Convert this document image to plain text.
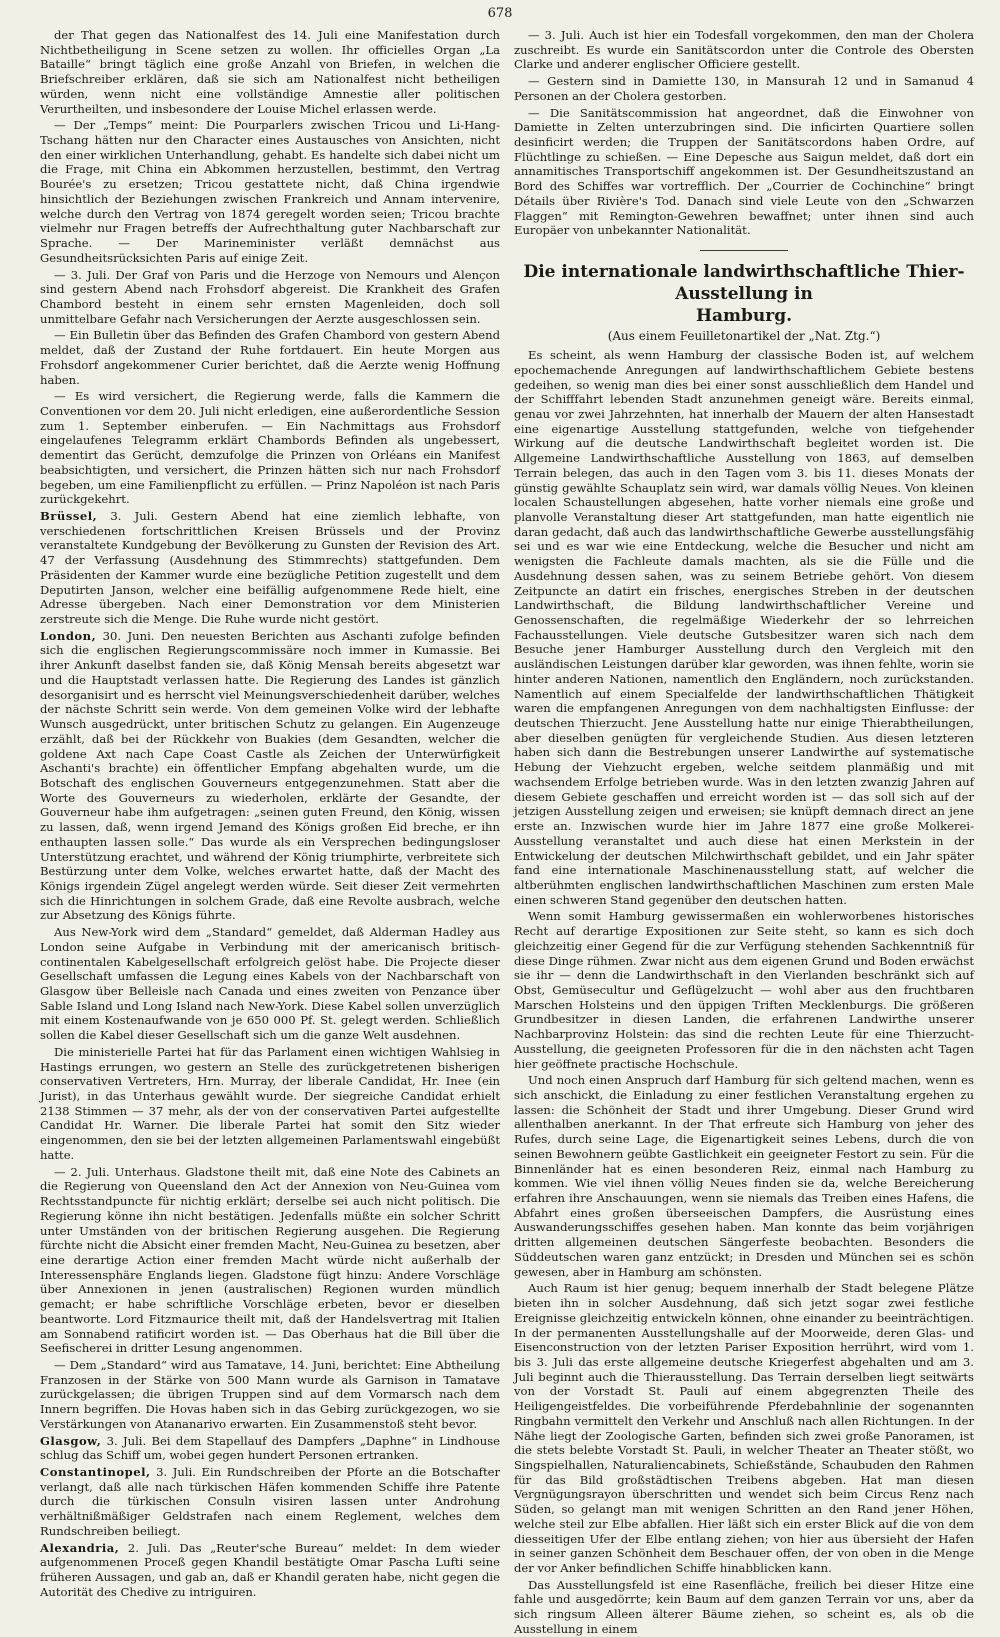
678

der That gegen das Nationalfest des 14. Juli eine Manifestation durch Nichtbetheiligung in Scene setzen zu wollen. Ihr officielles Organ „La Bataille“ bringt täglich eine große Anzahl von Briefen, in welchen die Briefschreiber erklären, daß sie sich am Nationalfest nicht betheiligen würden, wenn nicht eine vollständige Amnestie aller politischen Verurtheilten, und insbesondere der Louise Michel erlassen werde.

— Der „Temps“ meint: Die Pourparlers zwischen Tricou und Li-Hang-Tschang hätten nur den Character eines Austausches von Ansichten, nicht den einer wirklichen Unterhandlung, gehabt. Es handelte sich dabei nicht um die Frage, mit China ein Abkommen herzustellen, bestimmt, den Vertrag Bourée's zu ersetzen; Tricou gestattete nicht, daß China irgendwie hinsichtlich der Beziehungen zwischen Frankreich und Annam intervenire, welche durch den Vertrag von 1874 geregelt worden seien; Tricou brachte vielmehr nur Fragen betreffs der Aufrechthaltung guter Nachbarschaft zur Sprache. — Der Marineminister verläßt demnächst aus Gesundheitsrücksichten Paris auf einige Zeit.

— 3. Juli. Der Graf von Paris und die Herzoge von Nemours und Alençon sind gestern Abend nach Frohsdorf abgereist. Die Krankheit des Grafen Chambord besteht in einem sehr ernsten Magenleiden, doch soll unmittelbare Gefahr nach Versicherungen der Aerzte ausgeschlossen sein.

— Ein Bulletin über das Befinden des Grafen Chambord von gestern Abend meldet, daß der Zustand der Ruhe fortdauert. Ein heute Morgen aus Frohsdorf angekommener Curier berichtet, daß die Aerzte wenig Hoffnung haben.

— Es wird versichert, die Regierung werde, falls die Kammern die Conventionen vor dem 20. Juli nicht erledigen, eine außerordentliche Session zum 1. September einberufen. — Ein Nachmittags aus Frohsdorf eingelaufenes Telegramm erklärt Chambords Befinden als ungebessert, dementirt das Gerücht, demzufolge die Prinzen von Orléans ein Manifest beabsichtigten, und versichert, die Prinzen hätten sich nur nach Frohsdorf begeben, um eine Familienpflicht zu erfüllen. — Prinz Napoléon ist nach Paris zurückgekehrt.

Brüssel, 3. Juli. Gestern Abend hat eine ziemlich lebhafte, von verschiedenen fortschrittlichen Kreisen Brüssels und der Provinz veranstaltete Kundgebung der Bevölkerung zu Gunsten der Revision des Art. 47 der Verfassung (Ausdehnung des Stimmrechts) stattgefunden. Dem Präsidenten der Kammer wurde eine bezügliche Petition zugestellt und dem Deputirten Janson, welcher eine beifällig aufgenommene Rede hielt, eine Adresse übergeben. Nach einer Demonstration vor dem Ministerien zerstreute sich die Menge. Die Ruhe wurde nicht gestört.

London, 30. Juni. Den neuesten Berichten aus Aschanti zufolge befinden sich die englischen Regierungscommissäre noch immer in Kumassie. Bei ihrer Ankunft daselbst fanden sie, daß König Mensah bereits abgesetzt war und die Hauptstadt verlassen hatte. Die Regierung des Landes ist gänzlich desorganisirt und es herrscht viel Meinungsverschiedenheit darüber, welches der nächste Schritt sein werde. Von dem gemeinen Volke wird der lebhafte Wunsch ausgedrückt, unter britischen Schutz zu gelangen. Ein Augenzeuge erzählt, daß bei der Rückkehr von Buakies (dem Gesandten, welcher die goldene Axt nach Cape Coast Castle als Zeichen der Unterwürfigkeit Aschanti's brachte) ein öffentlicher Empfang abgehalten wurde, um die Botschaft des englischen Gouverneurs entgegenzunehmen. Statt aber die Worte des Gouverneurs zu wiederholen, erklärte der Gesandte, der Gouverneur habe ihm aufgetragen: „seinen guten Freund, den König, wissen zu lassen, daß, wenn irgend Jemand des Königs großen Eid breche, er ihn enthaupten lassen solle.“ Das wurde als ein Versprechen bedingungsloser Unterstützung erachtet, und während der König triumphirte, verbreitete sich Bestürzung unter dem Volke, welches erwartet hatte, daß der Macht des Königs irgendein Zügel angelegt werden würde. Seit dieser Zeit vermehrten sich die Hinrichtungen in solchem Grade, daß eine Revolte ausbrach, welche zur Absetzung des Königs führte.

Aus New-York wird dem „Standard“ gemeldet, daß Alderman Hadley aus London seine Aufgabe in Verbindung mit der americanisch britisch-continentalen Kabelgesellschaft erfolgreich gelöst habe. Die Projecte dieser Gesellschaft umfassen die Legung eines Kabels von der Nachbarschaft von Glasgow über Belleisle nach Canada und eines zweiten von Penzance über Sable Island und Long Island nach New-York. Diese Kabel sollen unverzüglich mit einem Kostenaufwande von je 650 000 Pf. St. gelegt werden. Schließlich sollen die Kabel dieser Gesellschaft sich um die ganze Welt ausdehnen.

Die ministerielle Partei hat für das Parlament einen wichtigen Wahlsieg in Hastings errungen, wo gestern an Stelle des zurückgetretenen bisherigen conservativen Vertreters, Hrn. Murray, der liberale Candidat, Hr. Inee (ein Jurist), in das Unterhaus gewählt wurde. Der siegreiche Candidat erhielt 2138 Stimmen — 37 mehr, als der von der conservativen Partei aufgestellte Candidat Hr. Warner. Die liberale Partei hat somit den Sitz wieder eingenommen, den sie bei der letzten allgemeinen Parlamentswahl eingebüßt hatte.

— 2. Juli. Unterhaus. Gladstone theilt mit, daß eine Note des Cabinets an die Regierung von Queensland den Act der Annexion von Neu-Guinea vom Rechtsstandpuncte für nichtig erklärt; derselbe sei auch nicht politisch. Die Regierung könne ihn nicht bestätigen. Jedenfalls müßte ein solcher Schritt unter Umständen von der britischen Regierung ausgehen. Die Regierung fürchte nicht die Absicht einer fremden Macht, Neu-Guinea zu besetzen, aber eine derartige Action einer fremden Macht würde nicht außerhalb der Interessensphäre Englands liegen. Gladstone fügt hinzu: Andere Vorschläge über Annexionen in jenen (australischen) Regionen wurden mündlich gemacht; er habe schriftliche Vorschläge erbeten, bevor er dieselben beantworte. Lord Fitzmaurice theilt mit, daß der Handelsvertrag mit Italien am Sonnabend ratificirt worden ist. — Das Oberhaus hat die Bill über die Seefischerei in dritter Lesung angenommen.

— Dem „Standard“ wird aus Tamatave, 14. Juni, berichtet: Eine Abtheilung Franzosen in der Stärke von 500 Mann wurde als Garnison in Tamatave zurückgelassen; die übrigen Truppen sind auf dem Vormarsch nach dem Innern begriffen. Die Hovas haben sich in das Gebirg zurückgezogen, wo sie Verstärkungen von Atananarivo erwarten. Ein Zusammenstoß steht bevor.

Glasgow, 3. Juli. Bei dem Stapellauf des Dampfers „Daphne“ in Lindhouse schlug das Schiff um, wobei gegen hundert Personen ertranken.

Constantinopel, 3. Juli. Ein Rundschreiben der Pforte an die Botschafter verlangt, daß alle nach türkischen Häfen kommenden Schiffe ihre Patente durch die türkischen Consuln visiren lassen unter Androhung verhältnißmäßiger Geldstrafen nach einem Reglement, welches dem Rundschreiben beiliegt.

Alexandria, 2. Juli. Das „Reuter'sche Bureau“ meldet: In dem wieder aufgenommenen Proceß gegen Khandil bestätigte Omar Pascha Lufti seine früheren Aussagen, und gab an, daß er Khandil geraten habe, nicht gegen die Autorität des Chedive zu intriguiren.

— 3. Juli. Auch ist hier ein Todesfall vorgekommen, den man der Cholera zuschreibt. Es wurde ein Sanitätscordon unter die Controle des Obersten Clarke und anderer englischer Officiere gestellt.

— Gestern sind in Damiette 130, in Mansurah 12 und in Samanud 4 Personen an der Cholera gestorben.

— Die Sanitätscommission hat angeordnet, daß die Einwohner von Damiette in Zelten unterzubringen sind. Die inficirten Quartiere sollen desinficirt werden; die Truppen der Sanitätscordons haben Ordre, auf Flüchtlinge zu schießen. — Eine Depesche aus Saigun meldet, daß dort ein annamitisches Transportschiff angekommen ist. Der Gesundheitszustand an Bord des Schiffes war vortrefflich. Der „Courrier de Cochinchine“ bringt Détails über Rivière's Tod. Danach sind viele Leute von den „Schwarzen Flaggen“ mit Remington-Gewehren bewaffnet; unter ihnen sind auch Europäer von unbekannter Nationalität.

Die internationale landwirthschaftliche Thier-Ausstellung in
Hamburg.
(Aus einem Feuilletonartikel der „Nat. Ztg.“)

Es scheint, als wenn Hamburg der classische Boden ist, auf welchem epochemachende Anregungen auf landwirthschaftlichem Gebiete bestens gedeihen, so wenig man dies bei einer sonst ausschließlich dem Handel und der Schifffahrt lebenden Stadt anzunehmen geneigt wäre. Bereits einmal, genau vor zwei Jahrzehnten, hat innerhalb der Mauern der alten Hansestadt eine eigenartige Ausstellung stattgefunden, welche von tiefgehender Wirkung auf die deutsche Landwirthschaft begleitet worden ist. Die Allgemeine Landwirthschaftliche Ausstellung von 1863, auf demselben Terrain belegen, das auch in den Tagen vom 3. bis 11. dieses Monats der günstig gewählte Schauplatz sein wird, war damals völlig Neues. Von kleinen localen Schaustellungen abgesehen, hatte vorher niemals eine große und planvolle Veranstaltung dieser Art stattgefunden, man hatte eigentlich nie daran gedacht, daß auch das landwirthschaftliche Gewerbe ausstellungsfähig sei und es war wie eine Entdeckung, welche die Besucher und nicht am wenigsten die Fachleute damals machten, als sie die Fülle und die Ausdehnung dessen sahen, was zu seinem Betriebe gehört. Von diesem Zeitpuncte an datirt ein frisches, energisches Streben in der deutschen Landwirthschaft, die Bildung landwirthschaftlicher Vereine und Genossenschaften, die regelmäßige Wiederkehr der so lehrreichen Fachausstellungen. Viele deutsche Gutsbesitzer waren sich nach dem Besuche jener Hamburger Ausstellung durch den Vergleich mit den ausländischen Leistungen darüber klar geworden, was ihnen fehlte, worin sie hinter anderen Nationen, namentlich den Engländern, noch zurückstanden. Namentlich auf einem Specialfelde der landwirthschaftlichen Thätigkeit waren die empfangenen Anregungen von dem nachhaltigsten Einflusse: der deutschen Thierzucht. Jene Ausstellung hatte nur einige Thierabtheilungen, aber dieselben genügten für vergleichende Studien. Aus diesen letzteren haben sich dann die Bestrebungen unserer Landwirthe auf systematische Hebung der Viehzucht ergeben, welche seitdem planmäßig und mit wachsendem Erfolge betrieben wurde. Was in den letzten zwanzig Jahren auf diesem Gebiete geschaffen und erreicht worden ist — das soll sich auf der jetzigen Ausstellung zeigen und erweisen; sie knüpft demnach direct an jene erste an. Inzwischen wurde hier im Jahre 1877 eine große Molkerei-Ausstellung veranstaltet und auch diese hat einen Merkstein in der Entwickelung der deutschen Milchwirthschaft gebildet, und ein Jahr später fand eine internationale Maschinenausstellung statt, auf welcher die altberühmten englischen landwirthschaftlichen Maschinen zum ersten Male einen schweren Stand gegenüber den deutschen hatten.

Wenn somit Hamburg gewissermaßen ein wohlerworbenes historisches Recht auf derartige Expositionen zur Seite steht, so kann es sich doch gleichzeitig einer Gegend für die zur Verfügung stehenden Sachkenntniß für diese Dinge rühmen. Zwar nicht aus dem eigenen Grund und Boden erwächst sie ihr — denn die Landwirthschaft in den Vierlanden beschränkt sich auf Obst, Gemüsecultur und Geflügelzucht — wohl aber aus den fruchtbaren Marschen Holsteins und den üppigen Triften Mecklenburgs. Die größeren Grundbesitzer in diesen Landen, die erfahrenen Landwirthe unserer Nachbarprovinz Holstein: das sind die rechten Leute für eine Thierzucht-Ausstellung, die geeigneten Professoren für die in den nächsten acht Tagen hier geöffnete practische Hochschule.

Und noch einen Anspruch darf Hamburg für sich geltend machen, wenn es sich anschickt, die Einladung zu einer festlichen Veranstaltung ergehen zu lassen: die Schönheit der Stadt und ihrer Umgebung. Dieser Grund wird allenthalben anerkannt. In der That erfreute sich Hamburg von jeher des Rufes, durch seine Lage, die Eigenartigkeit seines Lebens, durch die von seinen Bewohnern geübte Gastlichkeit ein geeigneter Festort zu sein. Für die Binnenländer hat es einen besonderen Reiz, einmal nach Hamburg zu kommen. Wie viel ihnen völlig Neues finden sie da, welche Bereicherung erfahren ihre Anschauungen, wenn sie niemals das Treiben eines Hafens, die Abfahrt eines großen überseeischen Dampfers, die Ausrüstung eines Auswanderungsschiffes gesehen haben. Man konnte das beim vorjährigen dritten allgemeinen deutschen Sängerfeste beobachten. Besonders die Süddeutschen waren ganz entzückt; in Dresden und München sei es schön gewesen, aber in Hamburg am schönsten.

Auch Raum ist hier genug; bequem innerhalb der Stadt belegene Plätze bieten ihn in solcher Ausdehnung, daß sich jetzt sogar zwei festliche Ereignisse gleichzeitig entwickeln können, ohne einander zu beeinträchtigen. In der permanenten Ausstellungshalle auf der Moorweide, deren Glas- und Eisenconstruction von der letzten Pariser Exposition herrührt, wird vom 1. bis 3. Juli das erste allgemeine deutsche Kriegerfest abgehalten und am 3. Juli beginnt auch die Thierausstellung. Das Terrain derselben liegt seitwärts von der Vorstadt St. Pauli auf einem abgegrenzten Theile des Heiligengeistfeldes. Die vorbeiführende Pferdebahnlinie der sogenannten Ringbahn vermittelt den Verkehr und Anschluß nach allen Richtungen. In der Nähe liegt der Zoologische Garten, befinden sich zwei große Panoramen, ist die stets belebte Vorstadt St. Pauli, in welcher Theater an Theater stößt, wo Singspielhallen, Naturaliencabinets, Schießstände, Schaubuden den Rahmen für das Bild großstädtischen Treibens abgeben. Hat man diesen Vergnügungsrayon überschritten und wendet sich beim Circus Renz nach Süden, so gelangt man mit wenigen Schritten an den Rand jener Höhen, welche steil zur Elbe abfallen. Hier läßt sich ein erster Blick auf die von dem diesseitigen Ufer der Elbe entlang ziehen; von hier aus übersieht der Hafen in seiner ganzen Schönheit dem Beschauer offen, der von oben in die Menge der vor Anker befindlichen Schiffe hinabblicken kann.

Das Ausstellungsfeld ist eine Rasenfläche, freilich bei dieser Hitze eine fahle und ausgedörrte; kein Baum auf dem ganzen Terrain vor uns, aber da sich ringsum Alleen älterer Bäume ziehen, so scheint es, als ob die Ausstellung in einem
